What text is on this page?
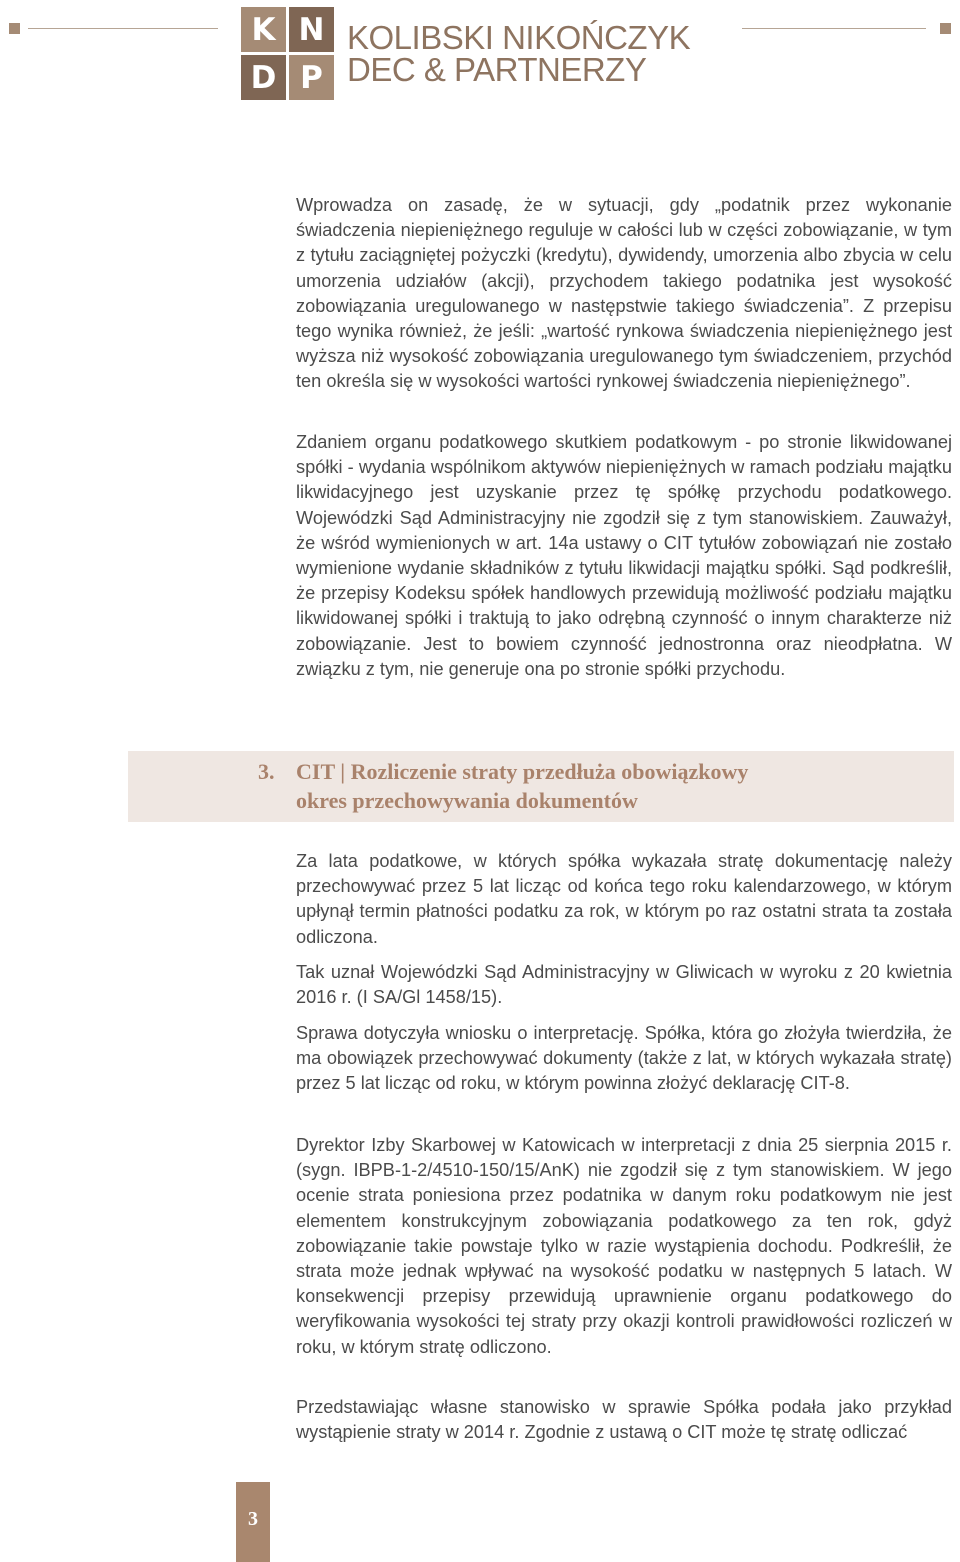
K N
D P
KOLIBSKI NIKOŃCZYK
DEC & PARTNERZY

Wprowadza on zasadę, że w sytuacji, gdy „podatnik przez wykonanie świadczenia niepieniężnego reguluje w całości lub w części zobowiązanie, w tym z tytułu zaciągniętej pożyczki (kredytu), dywidendy, umorzenia albo zbycia w celu umorzenia udziałów (akcji), przychodem takiego podatnika jest wysokość zobowiązania uregulowanego w następstwie takiego świadczenia”. Z przepisu tego wynika również, że jeśli: „wartość rynkowa świadczenia niepieniężnego jest wyższa niż wysokość zobowiązania uregulowanego tym świadczeniem, przychód ten określa się w wysokości wartości rynkowej świadczenia niepieniężnego”.

Zdaniem organu podatkowego skutkiem podatkowym - po stronie likwidowanej spółki - wydania wspólnikom aktywów niepieniężnych w ramach podziału majątku likwidacyjnego jest uzyskanie przez tę spółkę przychodu podatkowego. Wojewódzki Sąd Administracyjny nie zgodził się z tym stanowiskiem. Zauważył, że wśród wymienionych w art. 14a ustawy o CIT tytułów zobowiązań nie zostało wymienione wydanie składników z tytułu likwidacji majątku spółki. Sąd podkreślił, że przepisy Kodeksu spółek handlowych przewidują możliwość podziału majątku likwidowanej spółki i traktują to jako odrębną czynność o innym charakterze niż zobowiązanie. Jest to bowiem czynność jednostronna oraz nieodpłatna. W związku z tym, nie generuje ona po stronie spółki przychodu.

3. CIT | Rozliczenie straty przedłuża obowiązkowy
okres przechowywania dokumentów

Za lata podatkowe, w których spółka wykazała stratę dokumentację należy przechowywać przez 5 lat licząc od końca tego roku kalendarzowego, w którym upłynął termin płatności podatku za rok, w którym po raz ostatni strata ta została odliczona.

Tak uznał Wojewódzki Sąd Administracyjny w Gliwicach w wyroku z 20 kwietnia 2016 r. (I SA/Gl 1458/15).

Sprawa dotyczyła wniosku o interpretację. Spółka, która go złożyła twierdziła, że ma obowiązek przechowywać dokumenty (także z lat, w których wykazała stratę) przez 5 lat licząc od roku, w którym powinna złożyć deklarację CIT-8.

Dyrektor Izby Skarbowej w Katowicach w interpretacji z dnia 25 sierpnia 2015 r. (sygn. IBPB-1-2/4510-150/15/AnK) nie zgodził się z tym stanowiskiem. W jego ocenie strata poniesiona przez podatnika w danym roku podatkowym nie jest elementem konstrukcyjnym zobowiązania podatkowego za ten rok, gdyż zobowiązanie takie powstaje tylko w razie wystąpienia dochodu. Podkreślił, że strata może jednak wpływać na wysokość podatku w następnych 5 latach. W konsekwencji przepisy przewidują uprawnienie organu podatkowego do weryfikowania wysokości tej straty przy okazji kontroli prawidłowości rozliczeń w roku, w którym stratę odliczono.

Przedstawiając własne stanowisko w sprawie Spółka podała jako przykład wystąpienie straty w 2014 r. Zgodnie z ustawą o CIT może tę stratę odliczać

3
